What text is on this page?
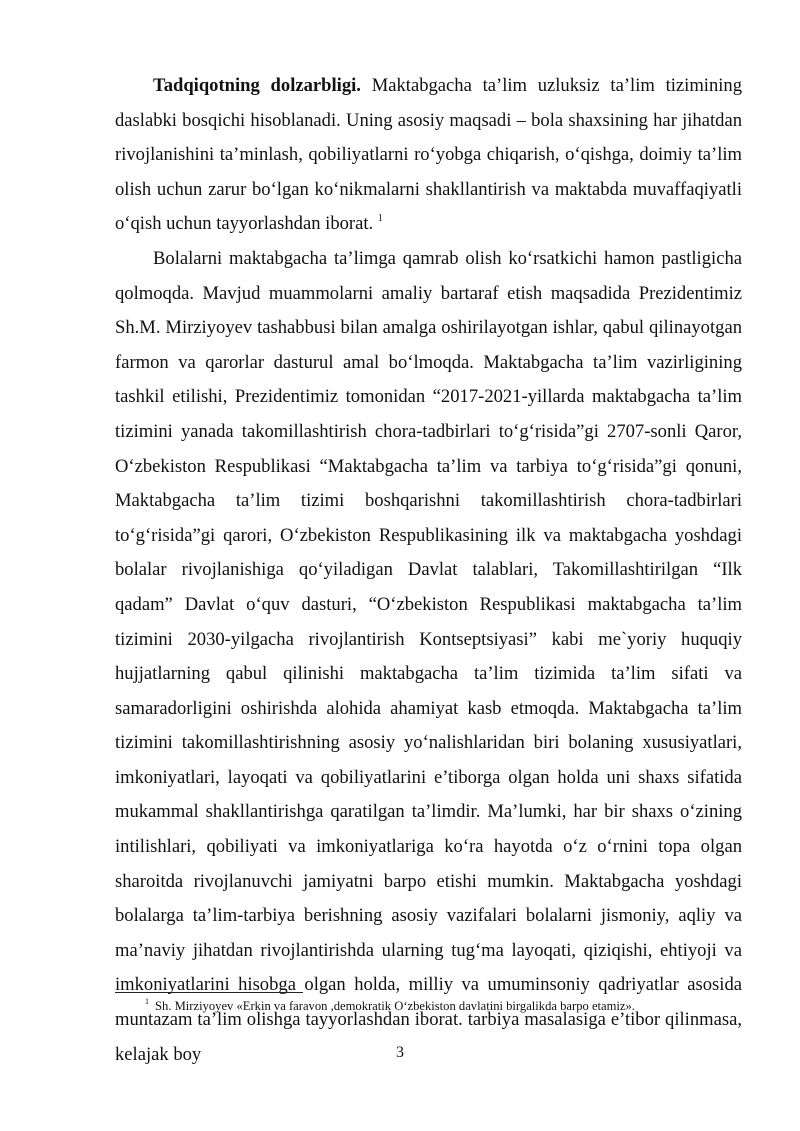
Tadqiqotning dolzarbligi. Maktabgacha ta’lim uzluksiz ta’lim tizimining daslabki bosqichi hisoblanadi. Uning asosiy maqsadi – bola shaxsining har jihatdan rivojlanishini ta’minlash, qobiliyatlarni ro‘yobga chiqarish, o‘qishga, doimiy ta’lim olish uchun zarur bo‘lgan ko‘nikmalarni shakllantirish va maktabda muvaffaqiyatli o‘qish uchun tayyorlashdan iborat. $^1$

Bolalarni maktabgacha ta’limga qamrab olish ko‘rsatkichi hamon pastligicha qolmoqda. Mavjud muammolarni amaliy bartaraf etish maqsadida Prezidentimiz Sh.M. Mirziyoyev tashabbusi bilan amalga oshirilayotgan ishlar, qabul qilinayotgan farmon va qarorlar dasturul amal bo‘lmoqda. Maktabgacha ta’lim vazirligining tashkil etilishi, Prezidentimiz tomonidan “2017-2021-yillarda maktabgacha ta’lim tizimini yanada takomillashtirish chora-tadbirlari to‘g‘risida”gi 2707-sonli Qaror, O‘zbekiston Respublikasi “Maktabgacha ta’lim va tarbiya to‘g‘risida”gi qonuni, Maktabgacha ta’lim tizimi boshqarishni takomillashtirish chora-tadbirlari to‘g‘risida”gi qarori, O‘zbekiston Respublikasining ilk va maktabgacha yoshdagi bolalar rivojlanishiga qo‘yiladigan Davlat talablari, Takomillashtirilgan “Ilk qadam” Davlat o‘quv dasturi, “O‘zbekiston Respublikasi maktabgacha ta’lim tizimini 2030-yilgacha rivojlantirish Kontseptsiyasi” kabi me`yoriy huquqiy hujjatlarning qabul qilinishi maktabgacha ta’lim tizimida ta’lim sifati va samaradorligini oshirishda alohida ahamiyat kasb etmoqda. Maktabgacha ta’lim tizimini takomillashtirishning asosiy yo‘nalishlaridan biri bolaning xususiyatlari, imkoniyatlari, layoqati va qobiliyatlarini e’tiborga olgan holda uni shaxs sifatida mukammal shakllantirishga qaratilgan ta’limdir. Ma’lumki, har bir shaxs o‘zining intilishlari, qobiliyati va imkoniyatlariga ko‘ra hayotda o‘z o‘rnini topa olgan sharoitda rivojlanuvchi jamiyatni barpo etishi mumkin. Maktabgacha yoshdagi bolalarga ta’lim-tarbiya berishning asosiy vazifalari bolalarni jismoniy, aqliy va ma’naviy jihatdan rivojlantirishda ularning tug‘ma layoqati, qiziqishi, ehtiyoji va imkoniyatlarini hisobga olgan holda, milliy va umuminsoniy qadriyatlar asosida muntazam ta’lim olishga tayyorlashdan iborat. tarbiya masalasiga e’tibor qilinmasa, kelajak boy

$^1$ Sh. Mirziyoyev «Erkin va faravon ,demokratik O‘zbekiston davlatini birgalikda barpo etamiz».
3
